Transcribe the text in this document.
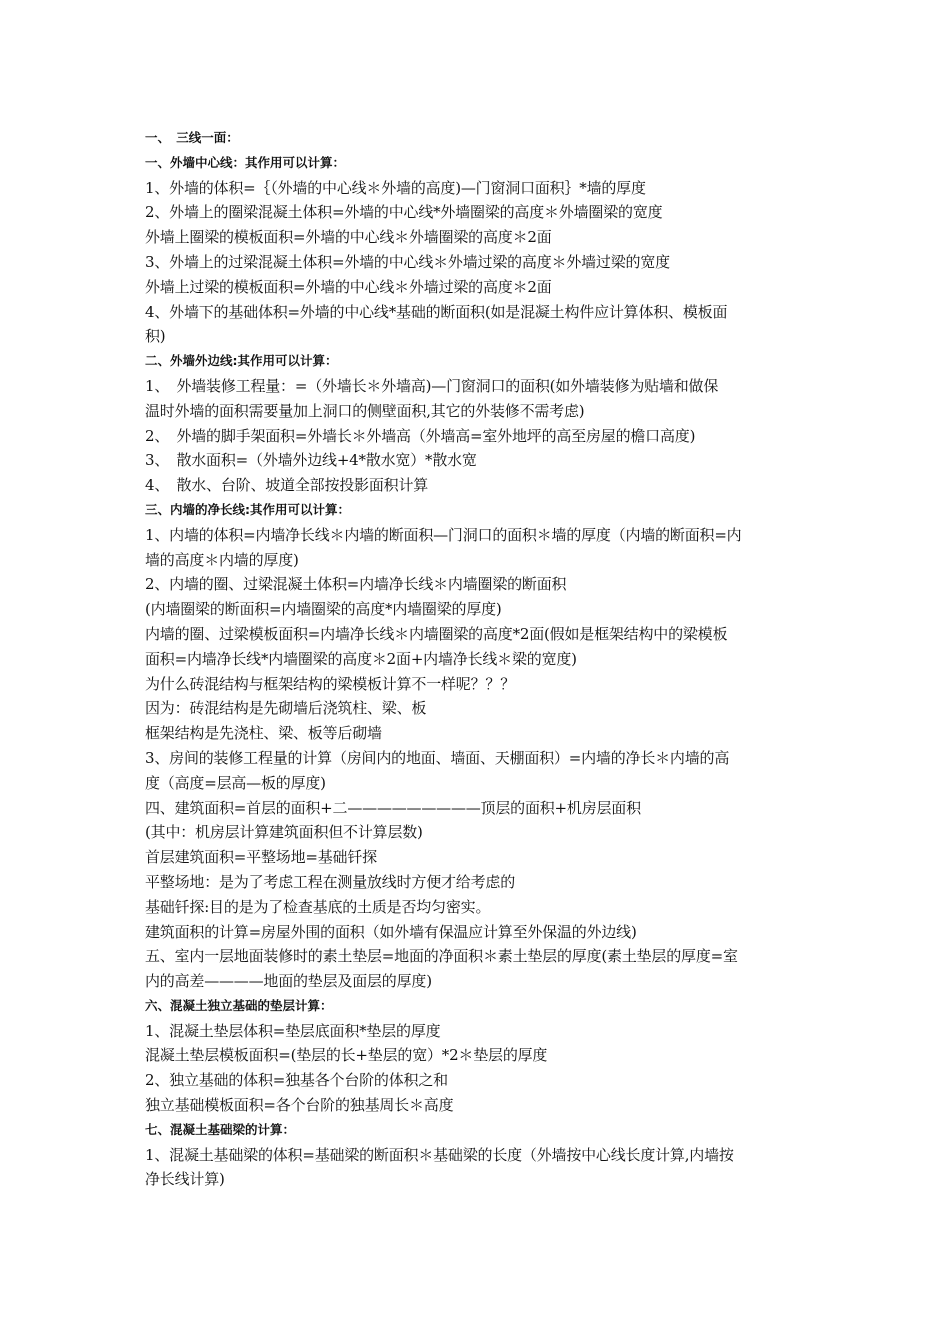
一、　三线一面：
一、外墙中心线：其作用可以计算：
1、外墙的体积=｛（外墙的中心线＊外墙的高度)—门窗洞口面积｝*墙的厚度
2、外墙上的圈梁混凝土体积=外墙的中心线*外墙圈梁的高度＊外墙圈梁的宽度
外墙上圈梁的模板面积=外墙的中心线＊外墙圈梁的高度＊2面
3、外墙上的过梁混凝土体积=外墙的中心线＊外墙过梁的高度＊外墙过梁的宽度
外墙上过梁的模板面积=外墙的中心线＊外墙过梁的高度＊2面
4、外墙下的基础体积=外墙的中心线*基础的断面积(如是混凝土构件应计算体积、模板面
积)
二、外墙外边线:其作用可以计算：
1、　外墙装修工程量：=（外墙长＊外墙高)—门窗洞口的面积(如外墙装修为贴墙和做保
温时外墙的面积需要量加上洞口的侧壁面积,其它的外装修不需考虑)
2、　外墙的脚手架面积=外墙长＊外墙高（外墙高=室外地坪的高至房屋的檐口高度)
3、　散水面积=（外墙外边线+4*散水宽）*散水宽
4、　散水、台阶、坡道全部按投影面积计算
三、内墙的净长线:其作用可以计算：
1、内墙的体积=内墙净长线＊内墙的断面积—门洞口的面积＊墙的厚度（内墙的断面积=内
墙的高度＊内墙的厚度)
2、内墙的圈、过梁混凝土体积=内墙净长线＊内墙圈梁的断面积
(内墙圈梁的断面积=内墙圈梁的高度*内墙圈梁的厚度)
内墙的圈、过梁模板面积=内墙净长线＊内墙圈梁的高度*2面(假如是框架结构中的梁模板
面积=内墙净长线*内墙圈梁的高度＊2面+内墙净长线＊梁的宽度)
为什么砖混结构与框架结构的梁模板计算不一样呢？？？
因为：砖混结构是先砌墙后浇筑柱、梁、板
框架结构是先浇柱、梁、板等后砌墙
3、房间的装修工程量的计算（房间内的地面、墙面、天棚面积）=内墙的净长＊内墙的高
度（高度=层高—板的厚度)
四、建筑面积=首层的面积+二—————————顶层的面积+机房层面积
(其中：机房层计算建筑面积但不计算层数)
首层建筑面积=平整场地=基础钎探
平整场地：是为了考虑工程在测量放线时方便才给考虑的
基础钎探:目的是为了检查基底的土质是否均匀密实。
建筑面积的计算=房屋外围的面积（如外墙有保温应计算至外保温的外边线)
五、室内一层地面装修时的素土垫层=地面的净面积＊素土垫层的厚度(素土垫层的厚度=室
内的高差————地面的垫层及面层的厚度)
六、混凝土独立基础的垫层计算：
1、混凝土垫层体积=垫层底面积*垫层的厚度
混凝土垫层模板面积=(垫层的长+垫层的宽）*2＊垫层的厚度
2、独立基础的体积=独基各个台阶的体积之和
独立基础模板面积=各个台阶的独基周长＊高度
七、混凝土基础梁的计算：
1、混凝土基础梁的体积=基础梁的断面积＊基础梁的长度（外墙按中心线长度计算,内墙按
净长线计算)
